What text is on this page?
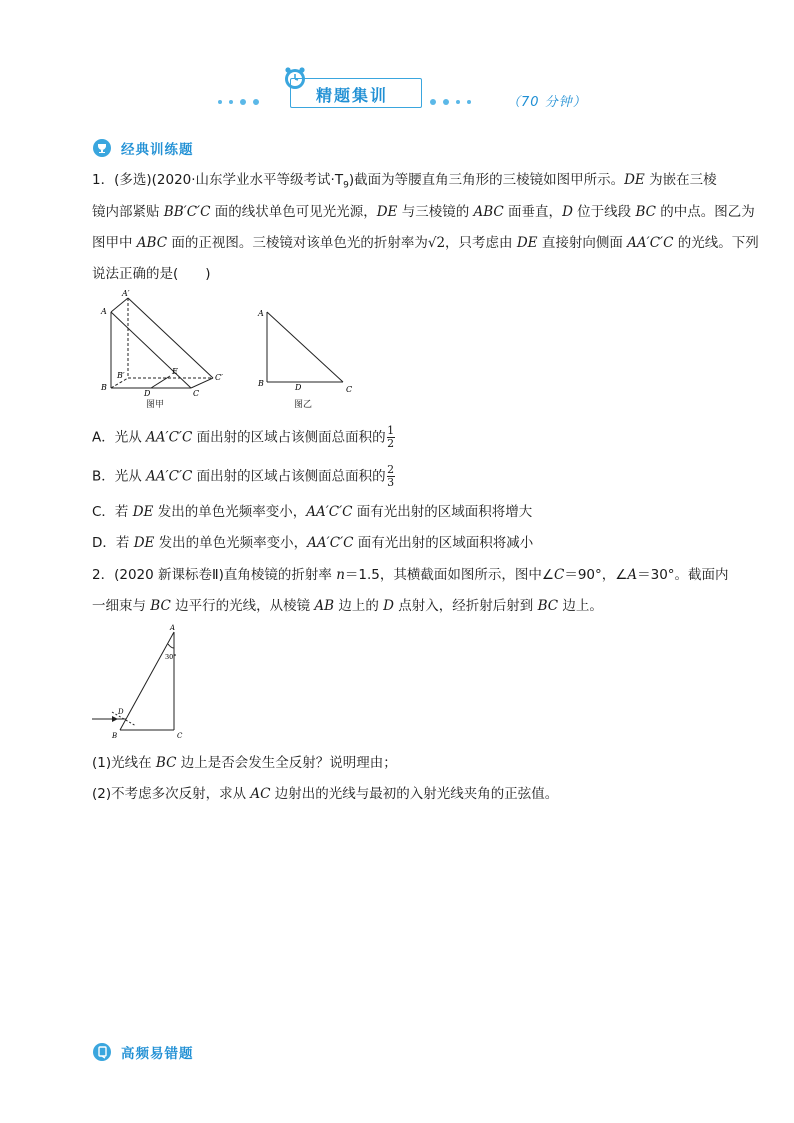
精题集训	（70 分钟）
经典训练题
1．(多选)(2020·山东学业水平等级考试$\cdot T_9$)截面为等腰直角三角形的三棱镜如图甲所示。DE 为嵌在三棱
镜内部紧贴 BB′C′C 面的线状单色可见光光源，DE 与三棱镜的 ABC 面垂直，D 位于线段 BC 的中点。图乙为
图甲中 ABC 面的正视图。三棱镜对该单色光的折射率为√2，只考虑由 DE 直接射向侧面 AA′C′C 的光线。下列
说法正确的是(　　)
A
A′
B
B′
C
C′
D
E
图甲
A
B	D	C
图乙
A．光从 AA′C′C 面出射的区域占该侧面总面积的 $\frac{1}{2}$
B．光从 AA′C′C 面出射的区域占该侧面总面积的 $\frac{2}{3}$
C．若 DE 发出的单色光频率变小，AA′C′C 面有光出射的区域面积将增大
D．若 DE 发出的单色光频率变小，AA′C′C 面有光出射的区域面积将减小
2．(2020 新课标卷Ⅱ)直角棱镜的折射率 n＝1.5，其横截面如图所示，图中∠C＝90°，∠A＝30°。截面内
一细束与 BC 边平行的光线，从棱镜 AB 边上的 D 点射入，经折射后射到 BC 边上。
A
30°
D
B	C
(1)光线在 BC 边上是否会发生全反射？说明理由；
(2)不考虑多次反射，求从 AC 边射出的光线与最初的入射光线夹角的正弦值。
高频易错题
